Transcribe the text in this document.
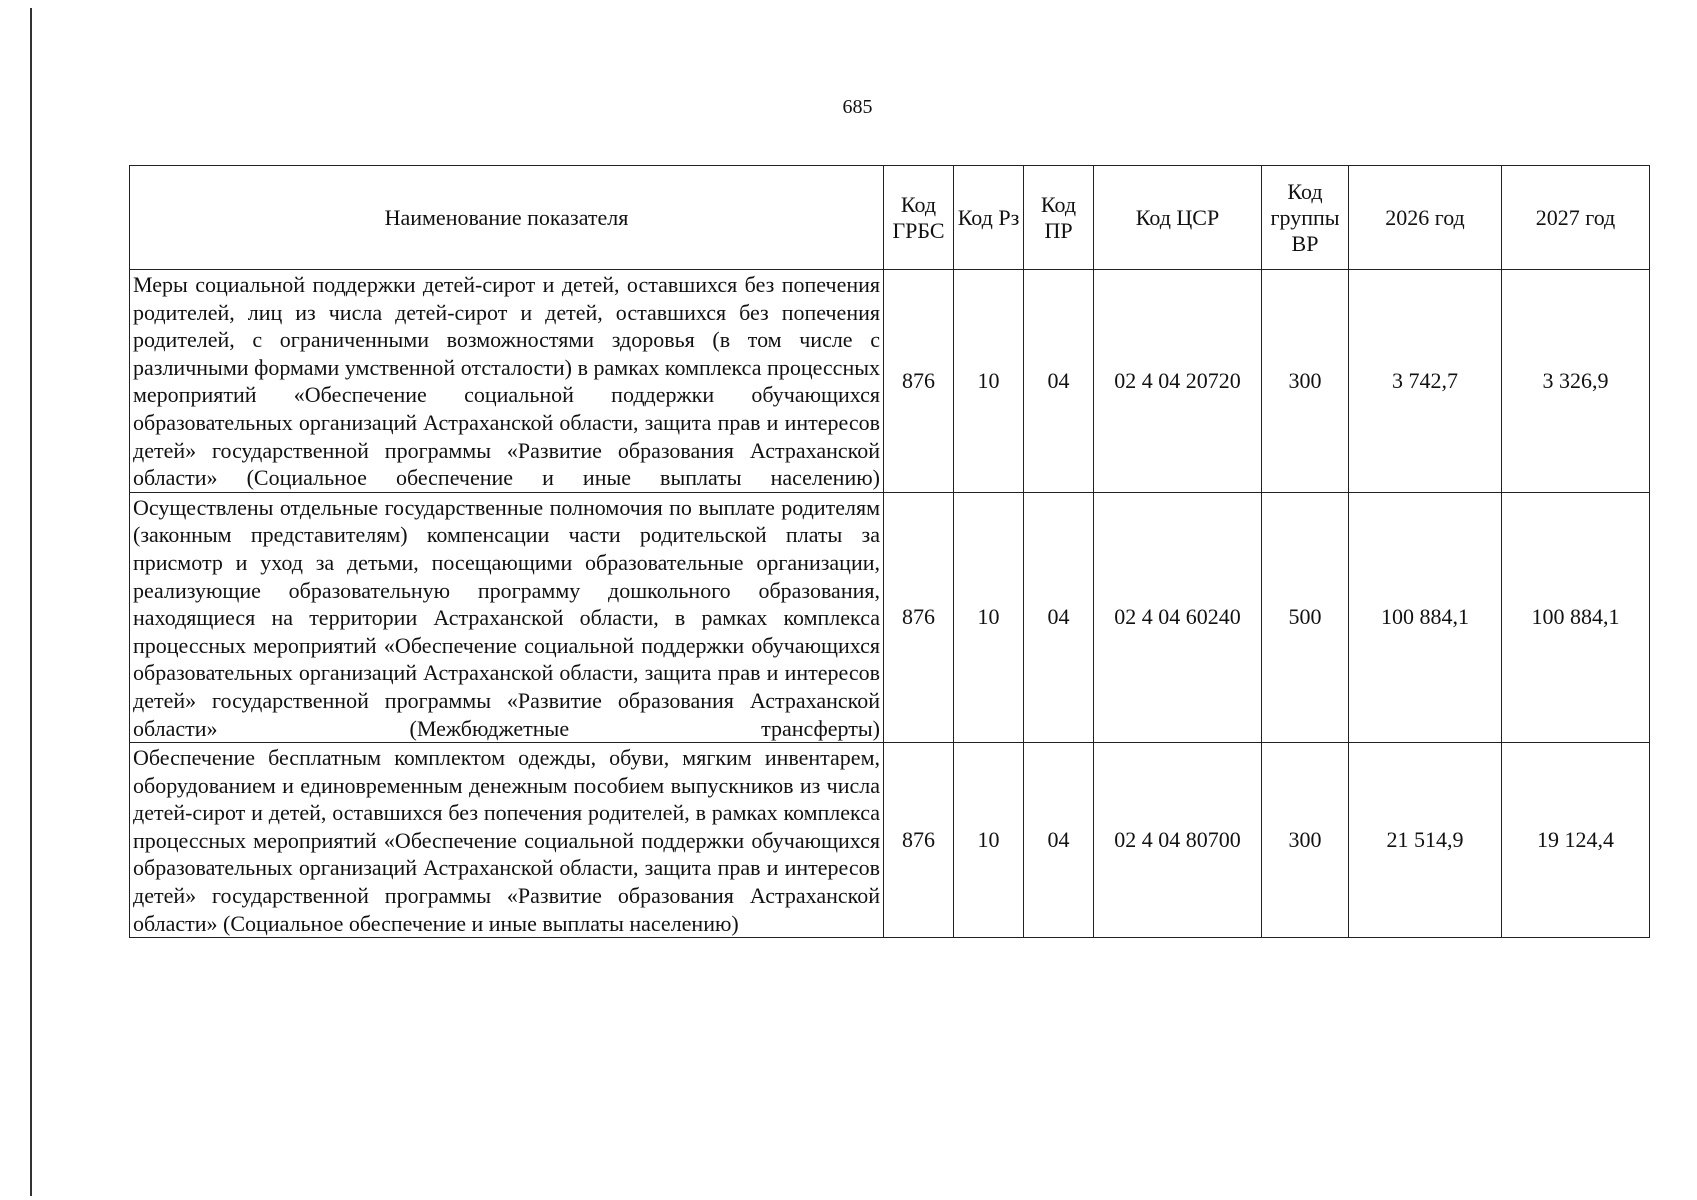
685
Наименование показателя	Код ГРБС	Код Рз	Код ПР	Код ЦСР	Код группы ВР	2026 год	2027 год
Меры социальной поддержки детей-сирот и детей, оставшихся без попечения родителей, лиц из числа детей-сирот и детей, оставшихся без попечения родителей, с ограниченными возможностями здоровья (в том числе с различными формами умственной отсталости) в рамках комплекса процессных мероприятий «Обеспечение социальной поддержки обучающихся образовательных организаций Астраханской области, защита прав и интересов детей» государственной программы «Развитие образования Астраханской области» (Социальное обеспечение и иные выплаты населению)	876	10	04	02 4 04 20720	300	3 742,7	3 326,9
Осуществлены отдельные государственные полномочия по выплате родителям (законным представителям) компенсации части родительской платы за присмотр и уход за детьми, посещающими образовательные организации, реализующие образовательную программу дошкольного образования, находящиеся на территории Астраханской области, в рамках комплекса процессных мероприятий «Обеспечение социальной поддержки обучающихся образовательных организаций Астраханской области, защита прав и интересов детей» государственной программы «Развитие образования Астраханской области» (Межбюджетные трансферты)	876	10	04	02 4 04 60240	500	100 884,1	100 884,1
Обеспечение бесплатным комплектом одежды, обуви, мягким инвентарем, оборудованием и единовременным денежным пособием выпускников из числа детей-сирот и детей, оставшихся без попечения родителей, в рамках комплекса процессных мероприятий «Обеспечение социальной поддержки обучающихся образовательных организаций Астраханской области, защита прав и интересов детей» государственной программы «Развитие образования Астраханской области» (Социальное обеспечение и иные выплаты населению)	876	10	04	02 4 04 80700	300	21 514,9	19 124,4
